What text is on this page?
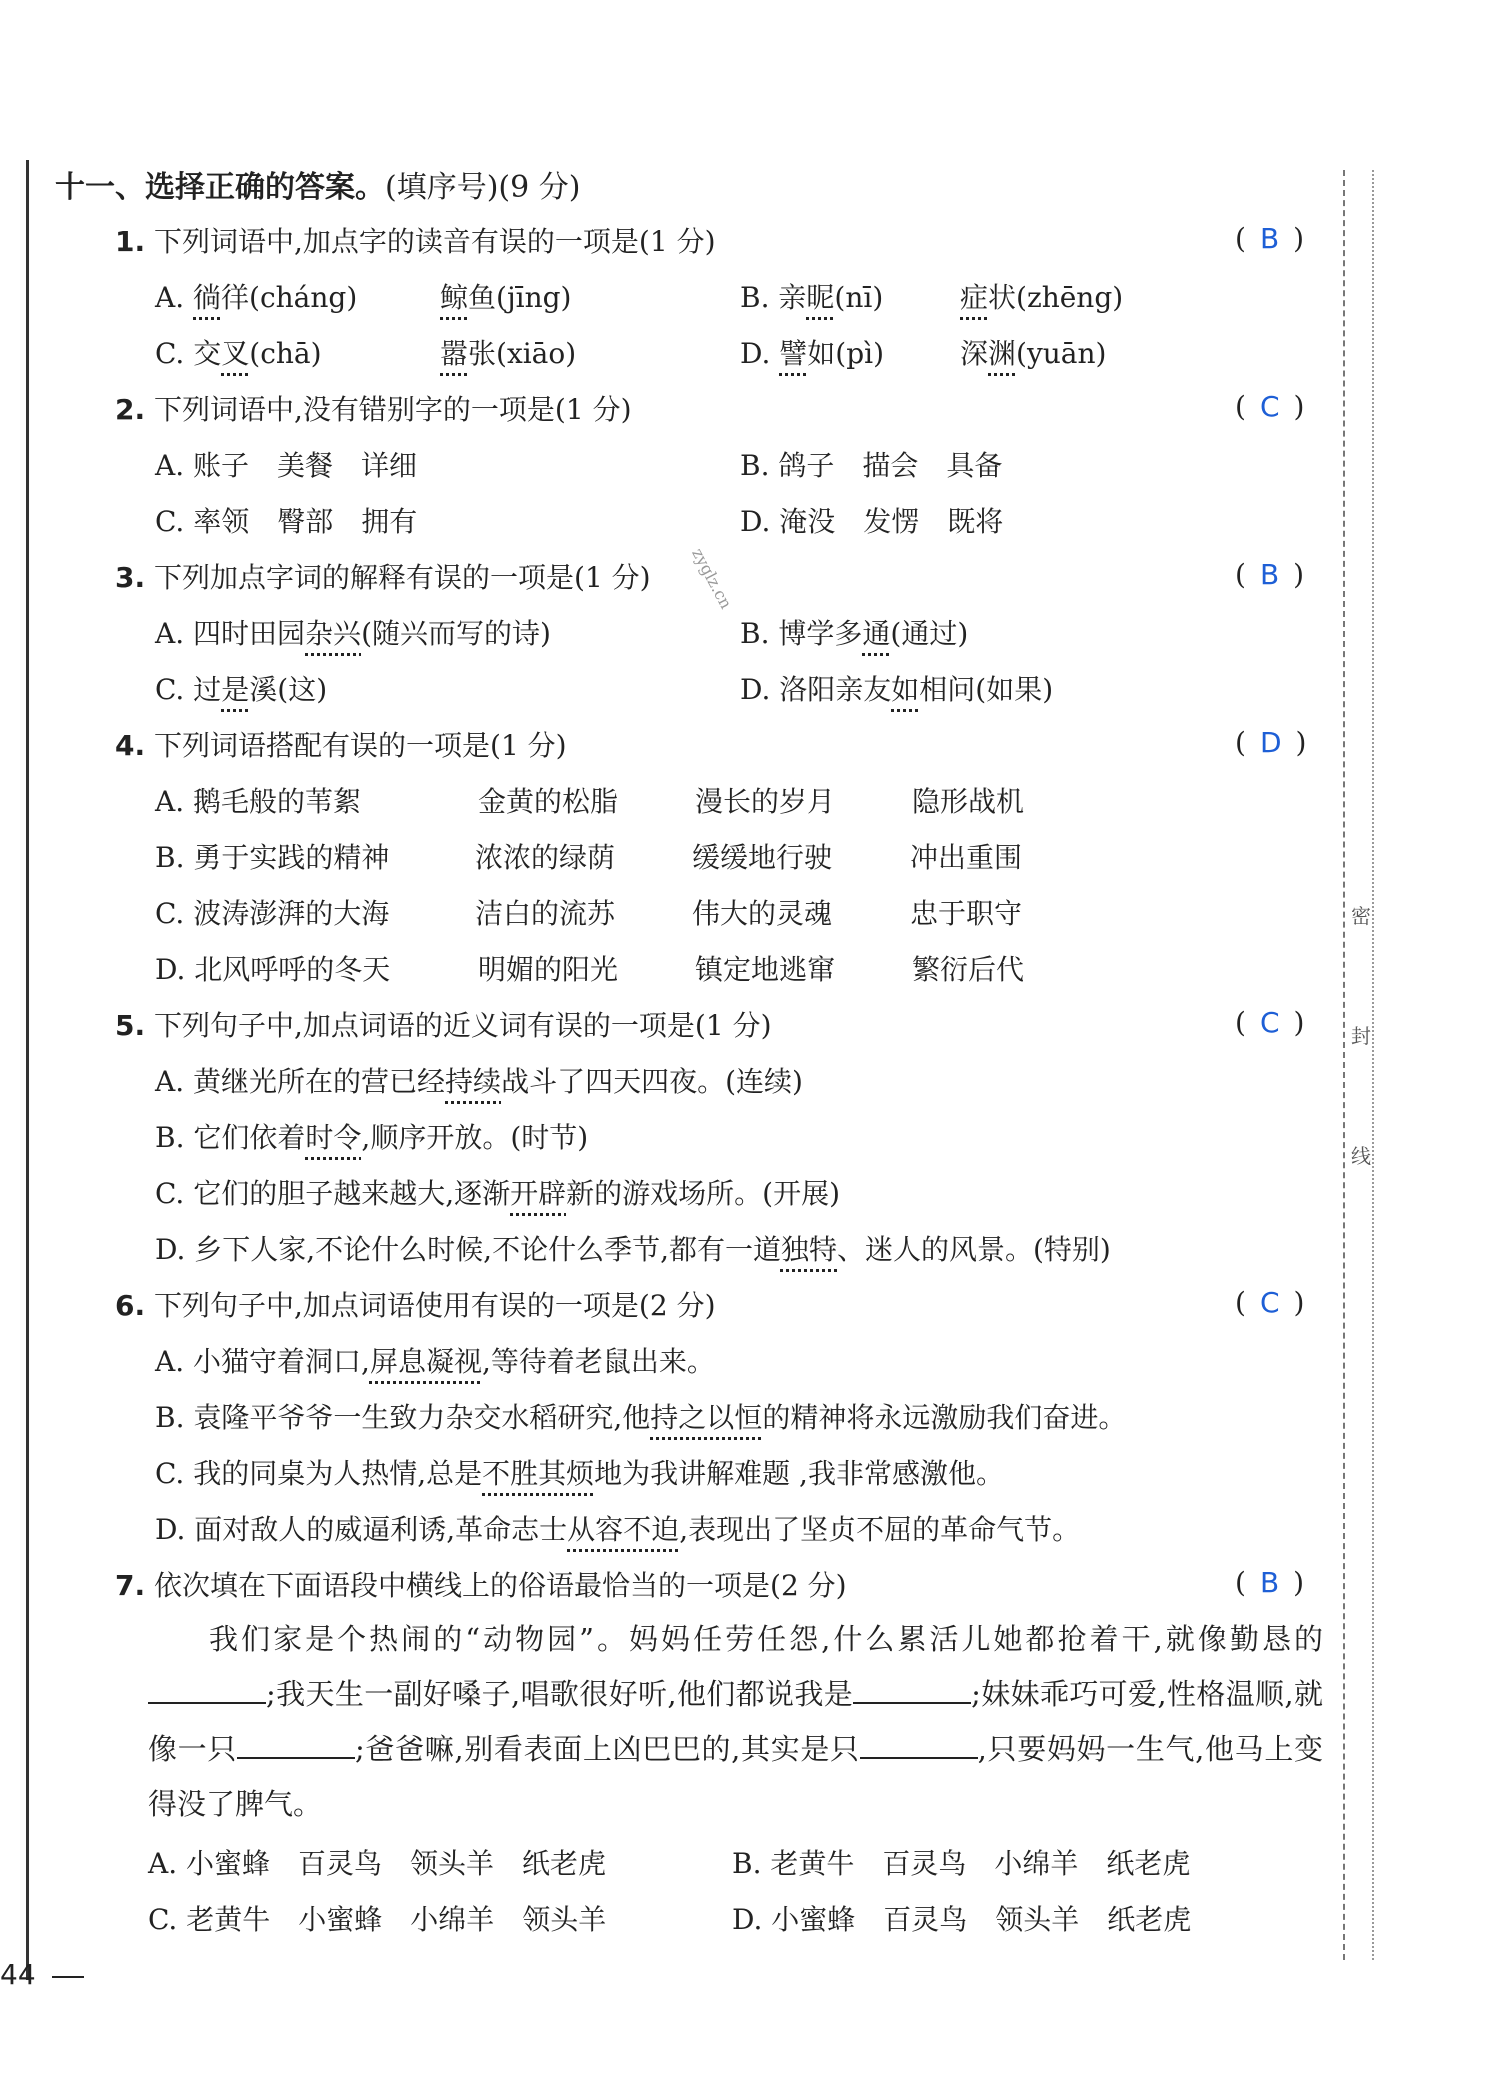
密
封
线
zyglz.cn
十一、选择正确的答案。(填序号)(9 分)
1. 下列词语中,加点字的读音有误的一项是(1 分)	( B )
A. 徜徉(cháng)	鲸鱼(jīng)	B. 亲昵(nī)	症状(zhēng)
C. 交叉(chā)	嚣张(xiāo)	D. 譬如(pì)	深渊(yuān)
2. 下列词语中,没有错别字的一项是(1 分)	( C )
A. 账子　美餐　详细	B. 鸽子　描会　具备
C. 率领　臀部　拥有	D. 淹没　发愣　既将
3. 下列加点字词的解释有误的一项是(1 分)	( B )
A. 四时田园杂兴(随兴而写的诗)	B. 博学多通(通过)
C. 过是溪(这)	D. 洛阳亲友如相问(如果)
4. 下列词语搭配有误的一项是(1 分)	( D )
A. 鹅毛般的苇絮	金黄的松脂	漫长的岁月	隐形战机
B. 勇于实践的精神	浓浓的绿荫	缓缓地行驶	冲出重围
C. 波涛澎湃的大海	洁白的流苏	伟大的灵魂	忠于职守
D. 北风呼呼的冬天	明媚的阳光	镇定地逃窜	繁衍后代
5. 下列句子中,加点词语的近义词有误的一项是(1 分)	( C )
A. 黄继光所在的营已经持续战斗了四天四夜。(连续)
B. 它们依着时令,顺序开放。(时节)
C. 它们的胆子越来越大,逐渐开辟新的游戏场所。(开展)
D. 乡下人家,不论什么时候,不论什么季节,都有一道独特、迷人的风景。(特别)
6. 下列句子中,加点词语使用有误的一项是(2 分)	( C )
A. 小猫守着洞口,屏息凝视,等待着老鼠出来。
B. 袁隆平爷爷一生致力杂交水稻研究,他持之以恒的精神将永远激励我们奋进。
C. 我的同桌为人热情,总是不胜其烦地为我讲解难题 ,我非常感激他。
D. 面对敌人的威逼利诱,革命志士从容不迫,表现出了坚贞不屈的革命气节。
7. 依次填在下面语段中横线上的俗语最恰当的一项是(2 分)	( B )
我们家是个热闹的“动物园”。妈妈任劳任怨,什么累活儿她都抢着干,就像勤恳的;我天生一副好嗓子,唱歌很好听,他们都说我是	;妹妹乖巧可爱,性格温顺,就像一只	;爸爸嘛,别看表面上凶巴巴的,其实是只	,只要妈妈一生气,他马上变得没了脾气。
A. 小蜜蜂　百灵鸟　领头羊　纸老虎	B. 老黄牛　百灵鸟　小绵羊　纸老虎
C. 老黄牛　小蜜蜂　小绵羊　领头羊	D. 小蜜蜂　百灵鸟　领头羊　纸老虎
44
